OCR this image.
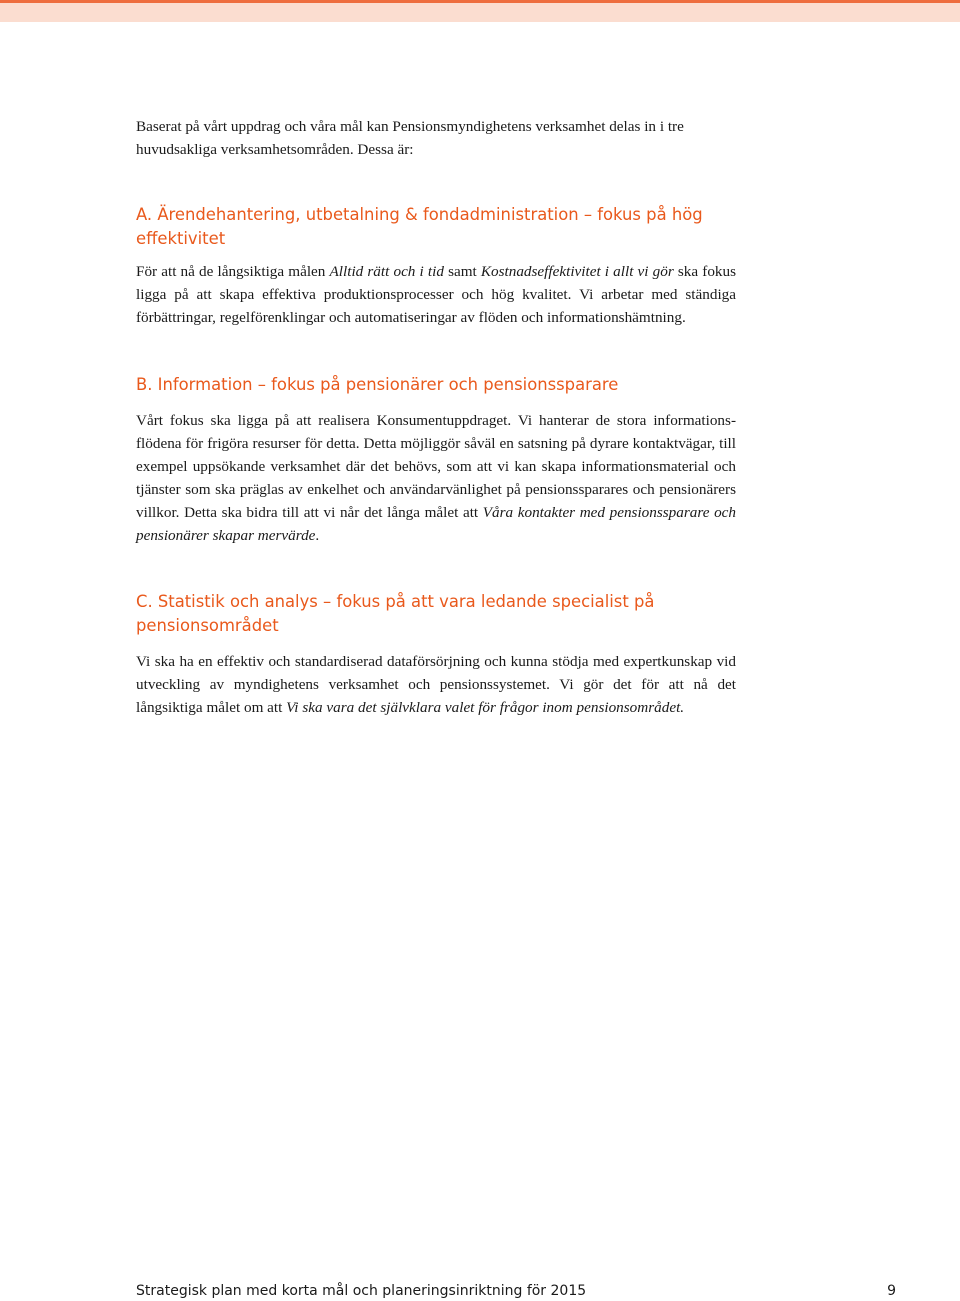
Baserat på vårt uppdrag och våra mål kan Pensionsmyndighetens verksamhet delas in i tre huvudsakliga verksamhetsområden. Dessa är:

A. Ärendehantering, utbetalning & fondadministration – fokus på hög effektivitet

För att nå de långsiktiga målen Alltid rätt och i tid samt Kostnadseffektivitet i allt vi gör ska fokus ligga på att skapa effektiva produktionsprocesser och hög kvalitet. Vi arbetar med ständiga förbättringar, regelförenklingar och automatiseringar av flöden och informationshämtning.

B. Information – fokus på pensionärer och pensionssparare

Vårt fokus ska ligga på att realisera Konsumentuppdraget. Vi hanterar de stora informationsflödena för frigöra resurser för detta. Detta möjliggör såväl en satsning på dyrare kontaktvägar, till exempel uppsökande verksamhet där det behövs, som att vi kan skapa informationsmaterial och tjänster som ska präglas av enkelhet och användarvänlighet på pensionssparares och pensionärers villkor. Detta ska bidra till att vi når det långa målet att Våra kontakter med pensionssparare och pensionärer skapar mervärde.

C. Statistik och analys – fokus på att vara ledande specialist på pensionsområdet

Vi ska ha en effektiv och standardiserad dataförsörjning och kunna stödja med expertkunskap vid utveckling av myndighetens verksamhet och pensionssystemet. Vi gör det för att nå det långsiktiga målet om att Vi ska vara det självklara valet för frågor inom pensionsområdet.

Strategisk plan med korta mål och planeringsinriktning för 2015	9
